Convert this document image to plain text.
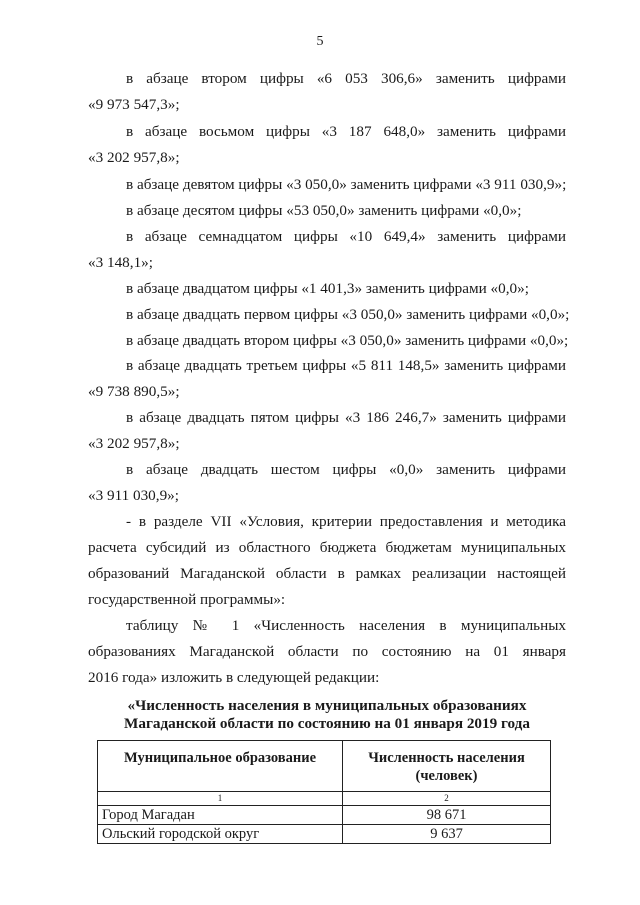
5
в абзаце втором цифры «6 053 306,6» заменить цифрами
«9 973 547,3»;
в абзаце восьмом цифры «3 187 648,0» заменить цифрами
«3 202 957,8»;
в абзаце девятом цифры «3 050,0» заменить цифрами «3 911 030,9»;
в абзаце десятом цифры «53 050,0» заменить цифрами «0,0»;
в абзаце семнадцатом цифры «10 649,4» заменить цифрами
«3 148,1»;
в абзаце двадцатом цифры «1 401,3» заменить цифрами «0,0»;
в абзаце двадцать первом цифры «3 050,0» заменить цифрами «0,0»;
в абзаце двадцать втором цифры «3 050,0» заменить цифрами «0,0»;
в абзаце двадцать третьем цифры «5 811 148,5» заменить цифрами
«9 738 890,5»;
в абзаце двадцать пятом цифры «3 186 246,7» заменить цифрами
«3 202 957,8»;
в абзаце двадцать шестом цифры «0,0» заменить цифрами
«3 911 030,9»;
- в разделе VII «Условия, критерии предоставления и методика
расчета субсидий из областного бюджета бюджетам муниципальных
образований Магаданской области в рамках реализации настоящей
государственной программы»:
таблицу № 1 «Численность населения в муниципальных
образованиях Магаданской области по состоянию на 01 января
2016 года» изложить в следующей редакции:
«Численность населения в муниципальных образованиях
Магаданской области по состоянию на 01 января 2019 года
Муниципальное образование	Численность населения (человек)
1	2
Город Магадан	98 671
Ольский городской округ	9 637
